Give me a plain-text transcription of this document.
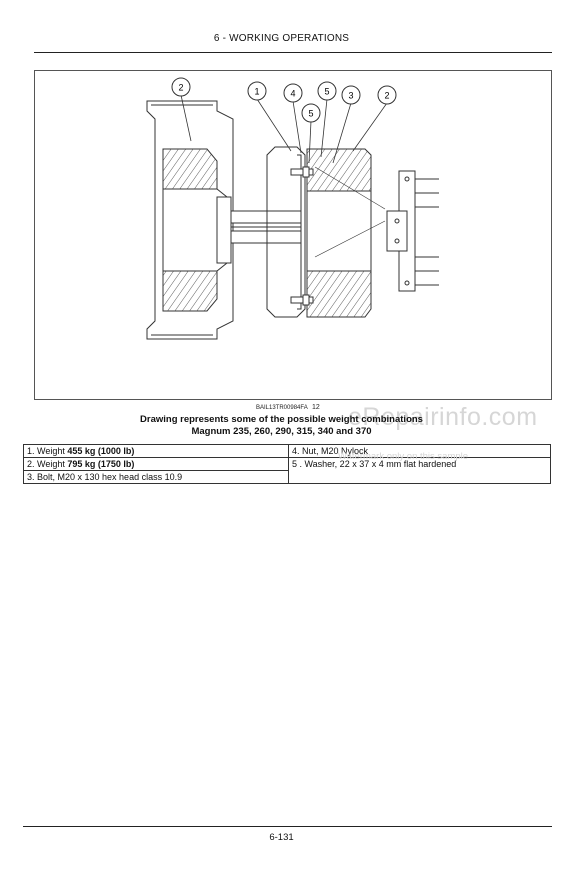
6 - WORKING OPERATIONS
2	1	4
5
5 3	2
BAIL13TR00984FA 12 eRepairinfo.com
Drawing represents some of the possible weight combinations
Magnum 235, 260, 290, 315, 340 and 370
1. Weight 455 kg (1000 lb)	4. Nut, M20 Nylock
2. Weight 795 kg (1750 lb)	5 . Washer, 22 x 37 x 4 mm flat hardened
3. Bolt, M20 x 130 hex head class 10.9	
Watermark only on this sample
6-131
